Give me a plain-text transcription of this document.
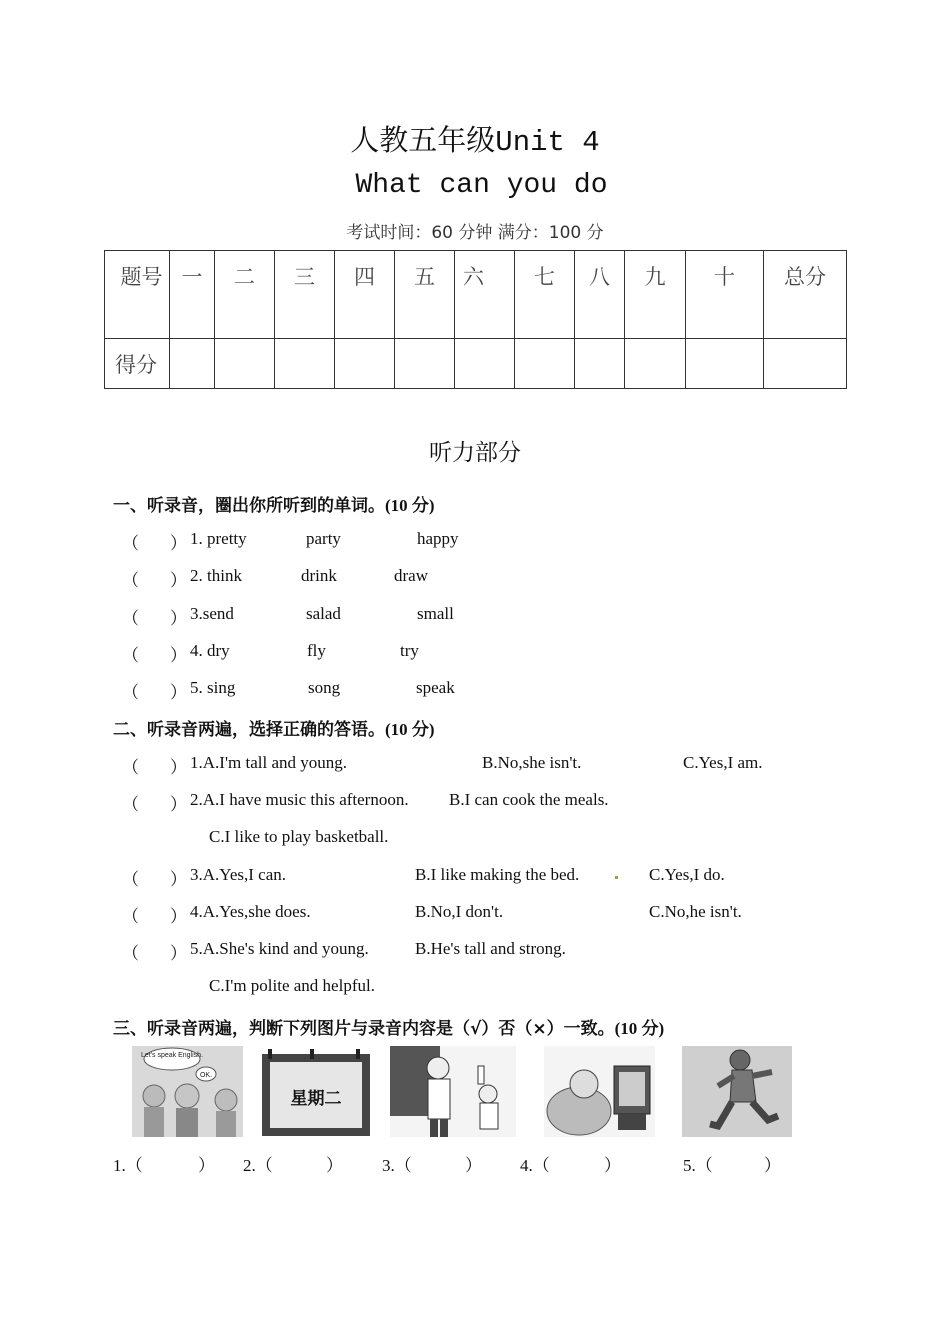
人教五年级Unit 4
What can you do
考试时间：60 分钟 满分：100 分
题号	一	二	三	四	五	六	七	八	九	十	总分
得分											
听力部分
一、听录音，圈出你所听到的单词。(10 分)
（ ） 1. pretty	party	happy
（ ） 2. think	drink	draw
（ ） 3.send	salad	small
（ ） 4. dry	fly	try
（ ） 5. sing	song	speak
二、听录音两遍，选择正确的答语。(10 分)
（ ） 1.A.I'm tall and young.	B.No,she isn't.	C.Yes,I am.
（ ） 2.A.I have music this afternoon. B.I can cook the meals.
C.I like to play basketball.
（ ） 3.A.Yes,I can.	B.I like making the bed.	C.Yes,I do.
（ ） 4.A.Yes,she does.	B.No,I don't.	C.No,he isn't.
（ ） 5.A.She's kind and young.	B.He's tall and strong.
C.I'm polite and helpful.
三、听录音两遍，判断下列图片与录音内容是（√）否（×）一致。(10 分)
Let's speak English.
OK.
星期二
1.（	） 2.（	） 3.（	） 4.（	）	5.（	）
